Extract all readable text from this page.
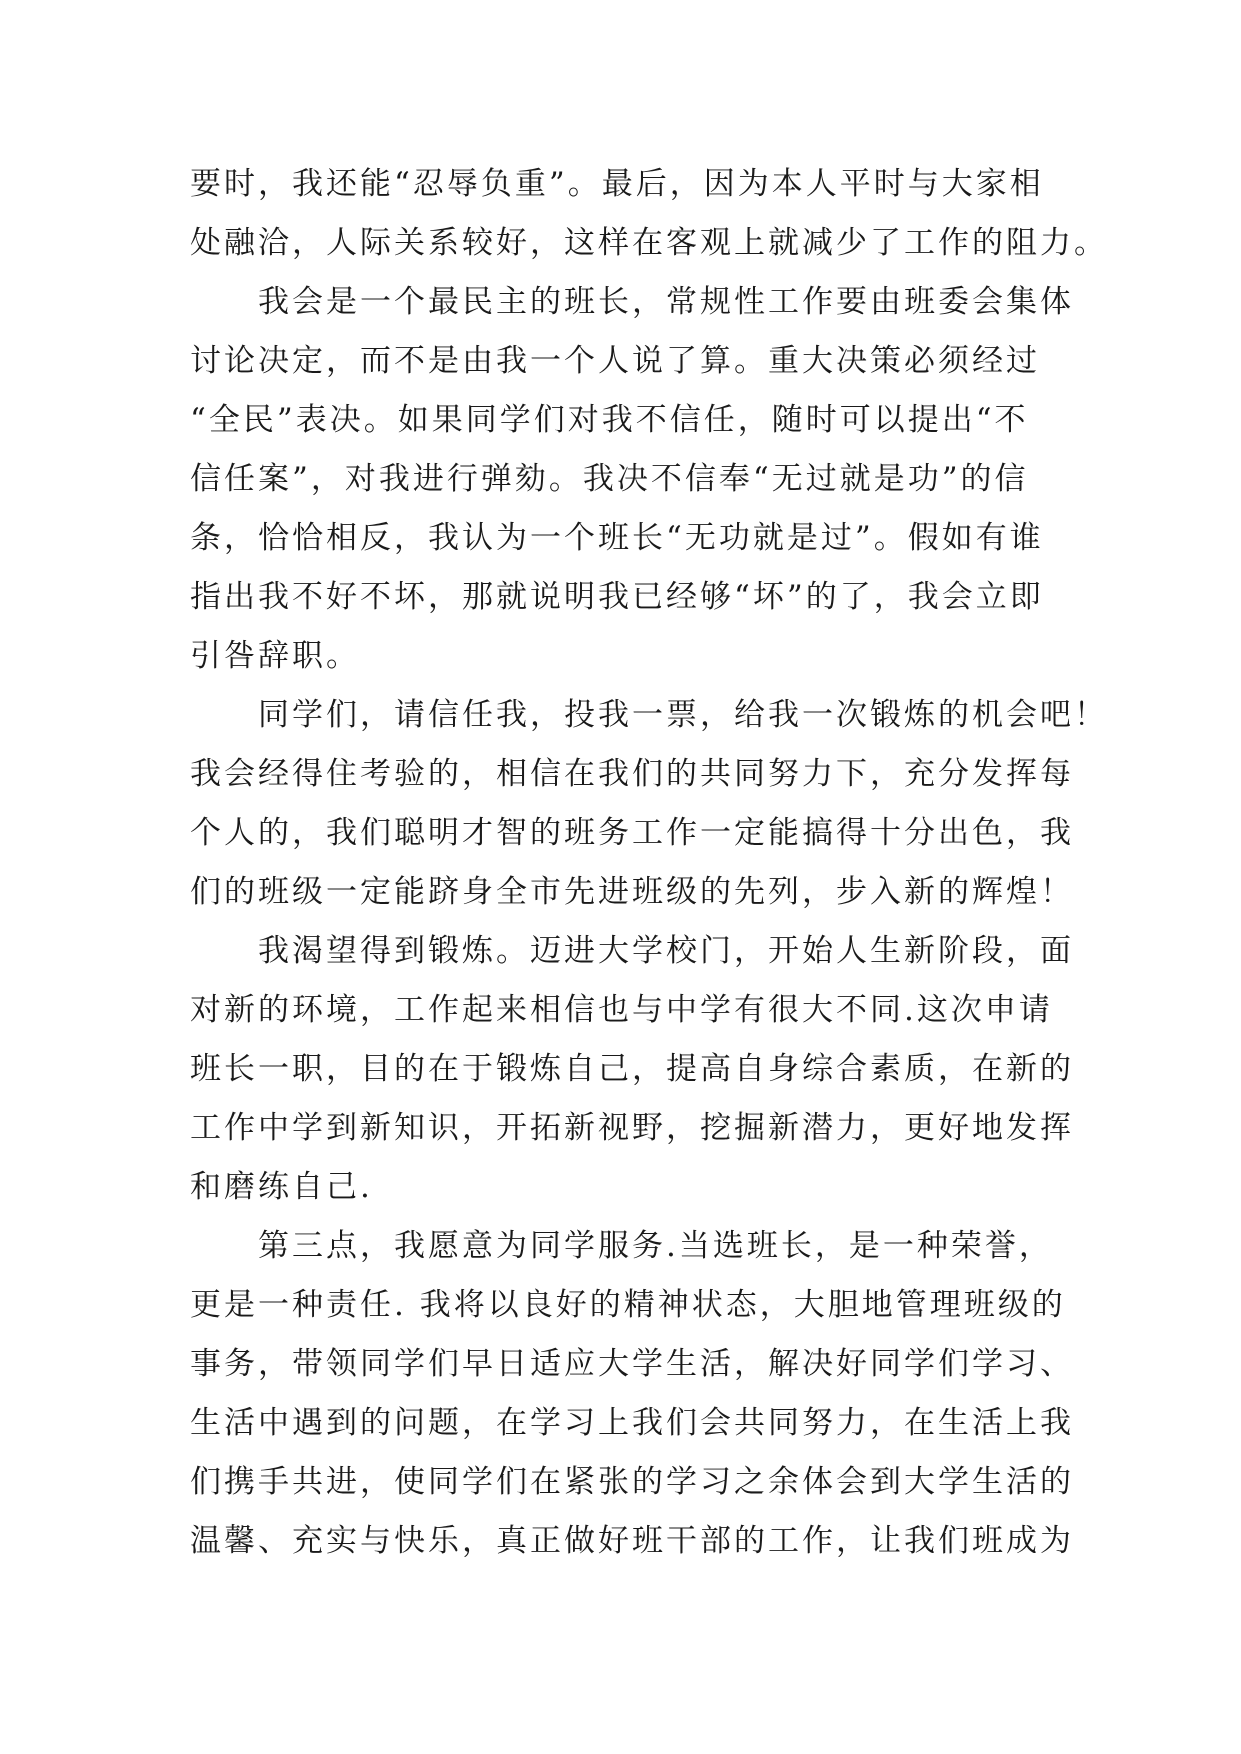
要时，我还能“忍辱负重”。最后，因为本人平时与大家相
处融洽，人际关系较好，这样在客观上就减少了工作的阻力。
　　我会是一个最民主的班长，常规性工作要由班委会集体
讨论决定，而不是由我一个人说了算。重大决策必须经过
“全民”表决。如果同学们对我不信任，随时可以提出“不
信任案”，对我进行弹劾。我决不信奉“无过就是功”的信
条，恰恰相反，我认为一个班长“无功就是过”。假如有谁
指出我不好不坏，那就说明我已经够“坏”的了，我会立即
引咎辞职。
　　同学们，请信任我，投我一票，给我一次锻炼的机会吧！
我会经得住考验的，相信在我们的共同努力下，充分发挥每
个人的，我们聪明才智的班务工作一定能搞得十分出色，我
们的班级一定能跻身全市先进班级的先列，步入新的辉煌！
　　我渴望得到锻炼。迈进大学校门，开始人生新阶段，面
对新的环境，工作起来相信也与中学有很大不同.这次申请
班长一职，目的在于锻炼自己，提高自身综合素质，在新的
工作中学到新知识，开拓新视野，挖掘新潜力，更好地发挥
和磨练自己.
　　第三点，我愿意为同学服务.当选班长，是一种荣誉，
更是一种责任. 我将以良好的精神状态，大胆地管理班级的
事务，带领同学们早日适应大学生活，解决好同学们学习、
生活中遇到的问题，在学习上我们会共同努力，在生活上我
们携手共进，使同学们在紧张的学习之余体会到大学生活的
温馨、充实与快乐，真正做好班干部的工作，让我们班成为
